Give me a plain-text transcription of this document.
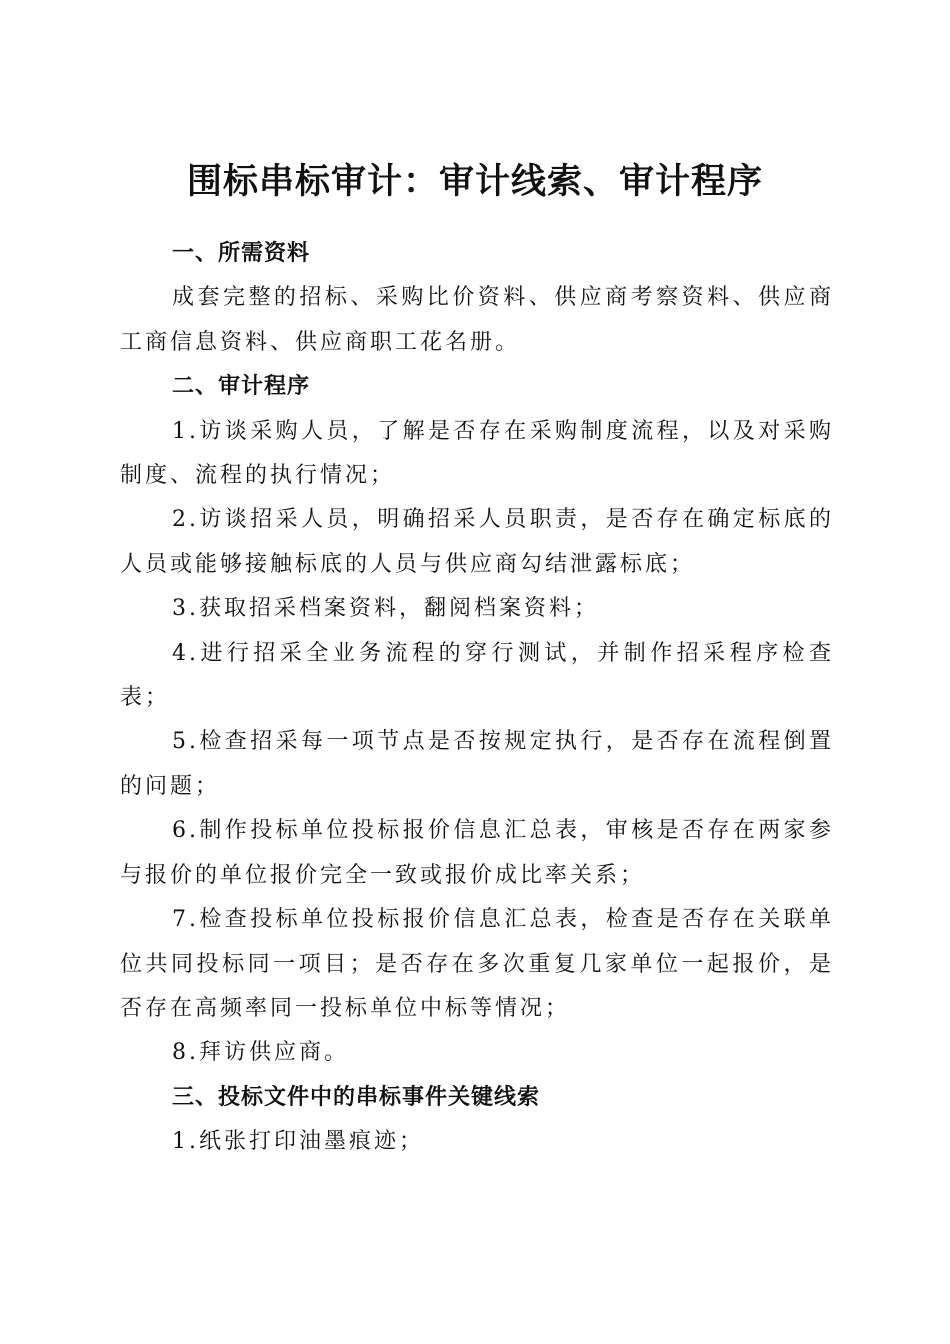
围标串标审计：审计线索、审计程序

一、所需资料

成套完整的招标、采购比价资料、供应商考察资料、供应商工商信息资料、供应商职工花名册。

二、审计程序

1.访谈采购人员，了解是否存在采购制度流程，以及对采购制度、流程的执行情况；

2.访谈招采人员，明确招采人员职责，是否存在确定标底的人员或能够接触标底的人员与供应商勾结泄露标底；

3.获取招采档案资料，翻阅档案资料；

4.进行招采全业务流程的穿行测试，并制作招采程序检查表；

5.检查招采每一项节点是否按规定执行，是否存在流程倒置的问题；

6.制作投标单位投标报价信息汇总表，审核是否存在两家参与报价的单位报价完全一致或报价成比率关系；

7.检查投标单位投标报价信息汇总表，检查是否存在关联单位共同投标同一项目；是否存在多次重复几家单位一起报价，是否存在高频率同一投标单位中标等情况；

8.拜访供应商。

三、投标文件中的串标事件关键线索

1.纸张打印油墨痕迹；
